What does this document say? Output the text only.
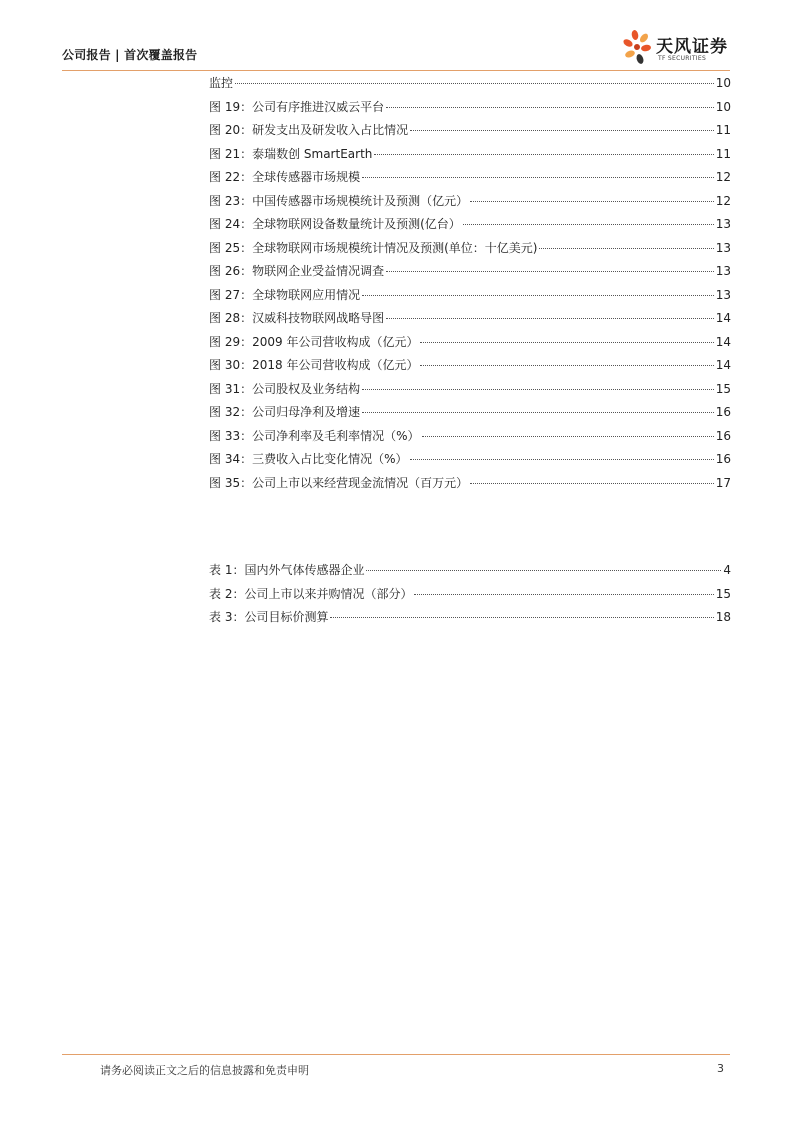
公司报告 | 首次覆盖报告	天风证券
TF SECURITIES
监控	10
图 19：公司有序推进汉威云平台	10
图 20：研发支出及研发收入占比情况	11
图 21：泰瑞数创 SmartEarth	11
图 22：全球传感器市场规模	12
图 23：中国传感器市场规模统计及预测（亿元）	12
图 24：全球物联网设备数量统计及预测(亿台）	13
图 25：全球物联网市场规模统计情况及预测(单位：十亿美元)	13
图 26：物联网企业受益情况调查	13
图 27：全球物联网应用情况	13
图 28：汉威科技物联网战略导图	14
图 29：2009 年公司营收构成（亿元）	14
图 30：2018 年公司营收构成（亿元）	14
图 31：公司股权及业务结构	15
图 32：公司归母净利及增速	16
图 33：公司净利率及毛利率情况（%）	16
图 34：三费收入占比变化情况（%）	16
图 35：公司上市以来经营现金流情况（百万元）	17
表 1：国内外气体传感器企业	4
表 2：公司上市以来并购情况（部分）	15
表 3：公司目标价测算	18
请务必阅读正文之后的信息披露和免责申明	3
